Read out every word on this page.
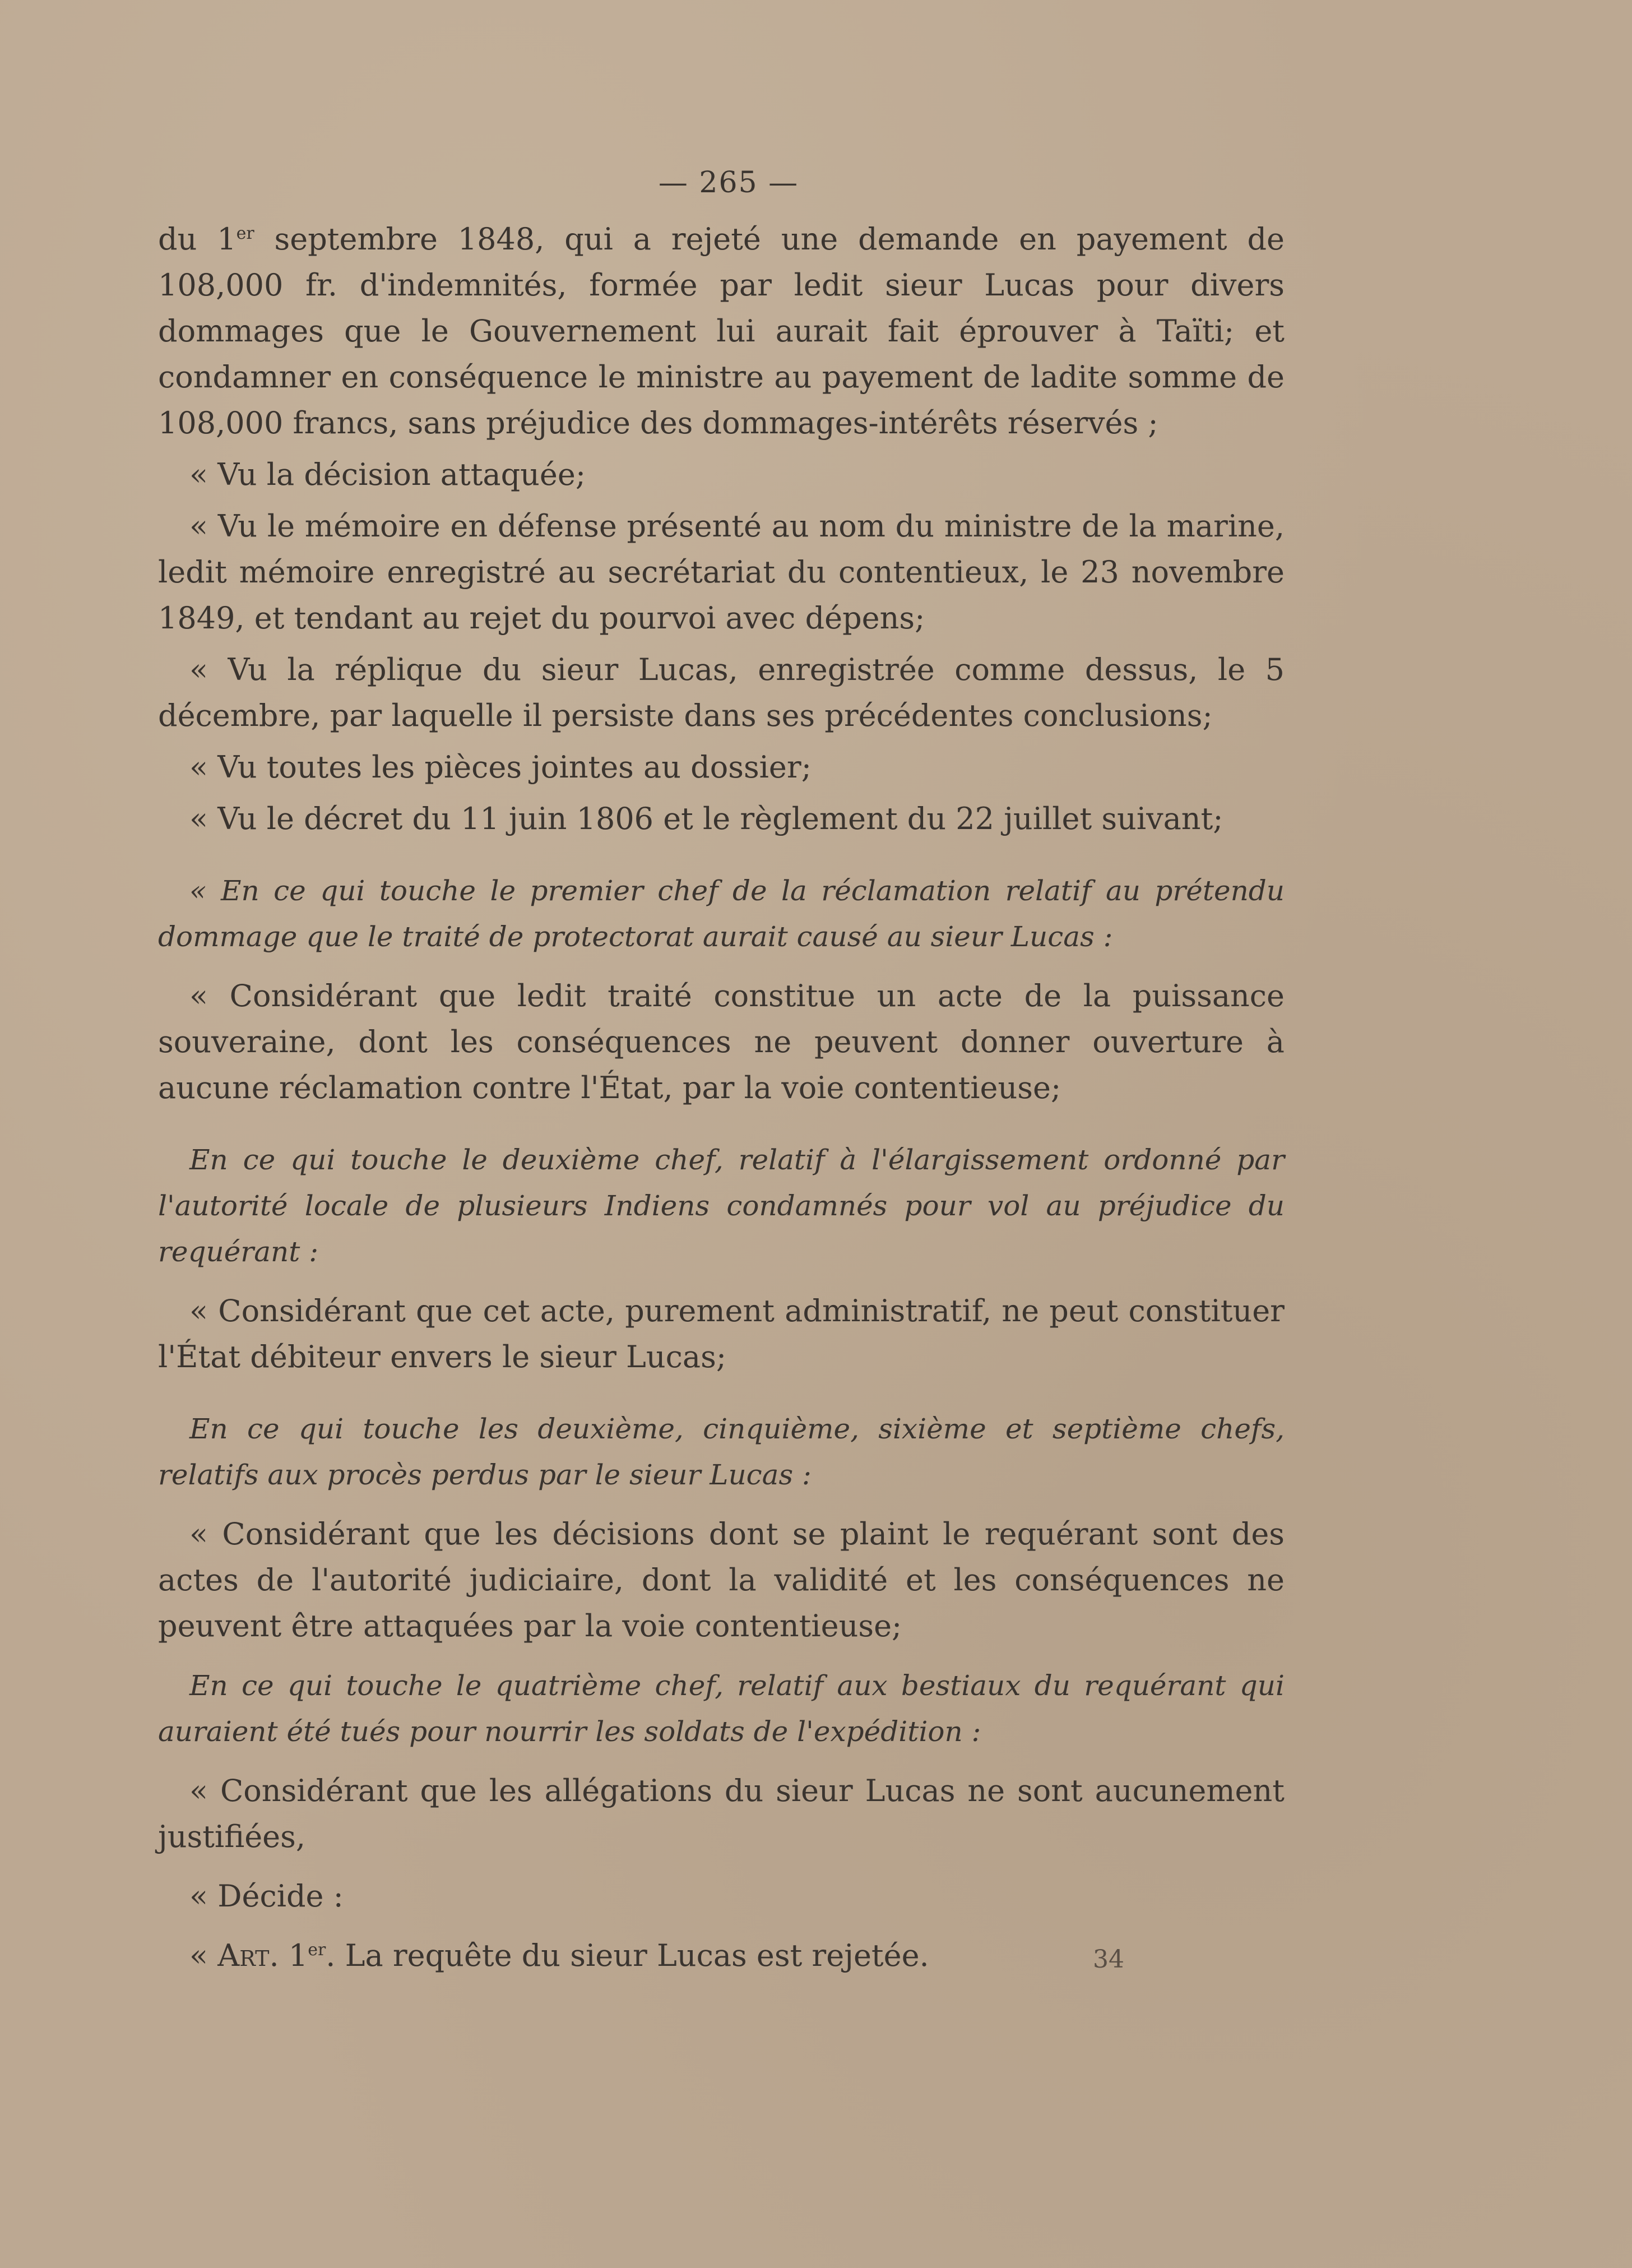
— 265 —

du 1er septembre 1848, qui a rejeté une demande en payement de 108,000 fr. d'indemnités, formée par ledit sieur Lucas pour divers dommages que le Gouvernement lui aurait fait éprouver à Taïti; et condamner en conséquence le ministre au payement de ladite somme de 108,000 francs, sans préjudice des dommages-intérêts réservés ;

« Vu la décision attaquée;

« Vu le mémoire en défense présenté au nom du ministre de la marine, ledit mémoire enregistré au secrétariat du contentieux, le 23 novembre 1849, et tendant au rejet du pourvoi avec dépens;

« Vu la réplique du sieur Lucas, enregistrée comme dessus, le 5 décembre, par laquelle il persiste dans ses précédentes conclusions;

« Vu toutes les pièces jointes au dossier;

« Vu le décret du 11 juin 1806 et le règlement du 22 juillet suivant;

« En ce qui touche le premier chef de la réclamation relatif au prétendu dommage que le traité de protectorat aurait causé au sieur Lucas :

« Considérant que ledit traité constitue un acte de la puissance souveraine, dont les conséquences ne peuvent donner ouverture à aucune réclamation contre l'État, par la voie contentieuse;

En ce qui touche le deuxième chef, relatif à l'élargissement ordonné par l'autorité locale de plusieurs Indiens condamnés pour vol au préjudice du requérant :

« Considérant que cet acte, purement administratif, ne peut constituer l'État débiteur envers le sieur Lucas;

En ce qui touche les deuxième, cinquième, sixième et septième chefs, relatifs aux procès perdus par le sieur Lucas :

« Considérant que les décisions dont se plaint le requérant sont des actes de l'autorité judiciaire, dont la validité et les conséquences ne peuvent être attaquées par la voie contentieuse;

En ce qui touche le quatrième chef, relatif aux bestiaux du requérant qui auraient été tués pour nourrir les soldats de l'expédition :

« Considérant que les allégations du sieur Lucas ne sont aucunement justifiées,

« Décide :

« Art. 1er. La requête du sieur Lucas est rejetée.	34
